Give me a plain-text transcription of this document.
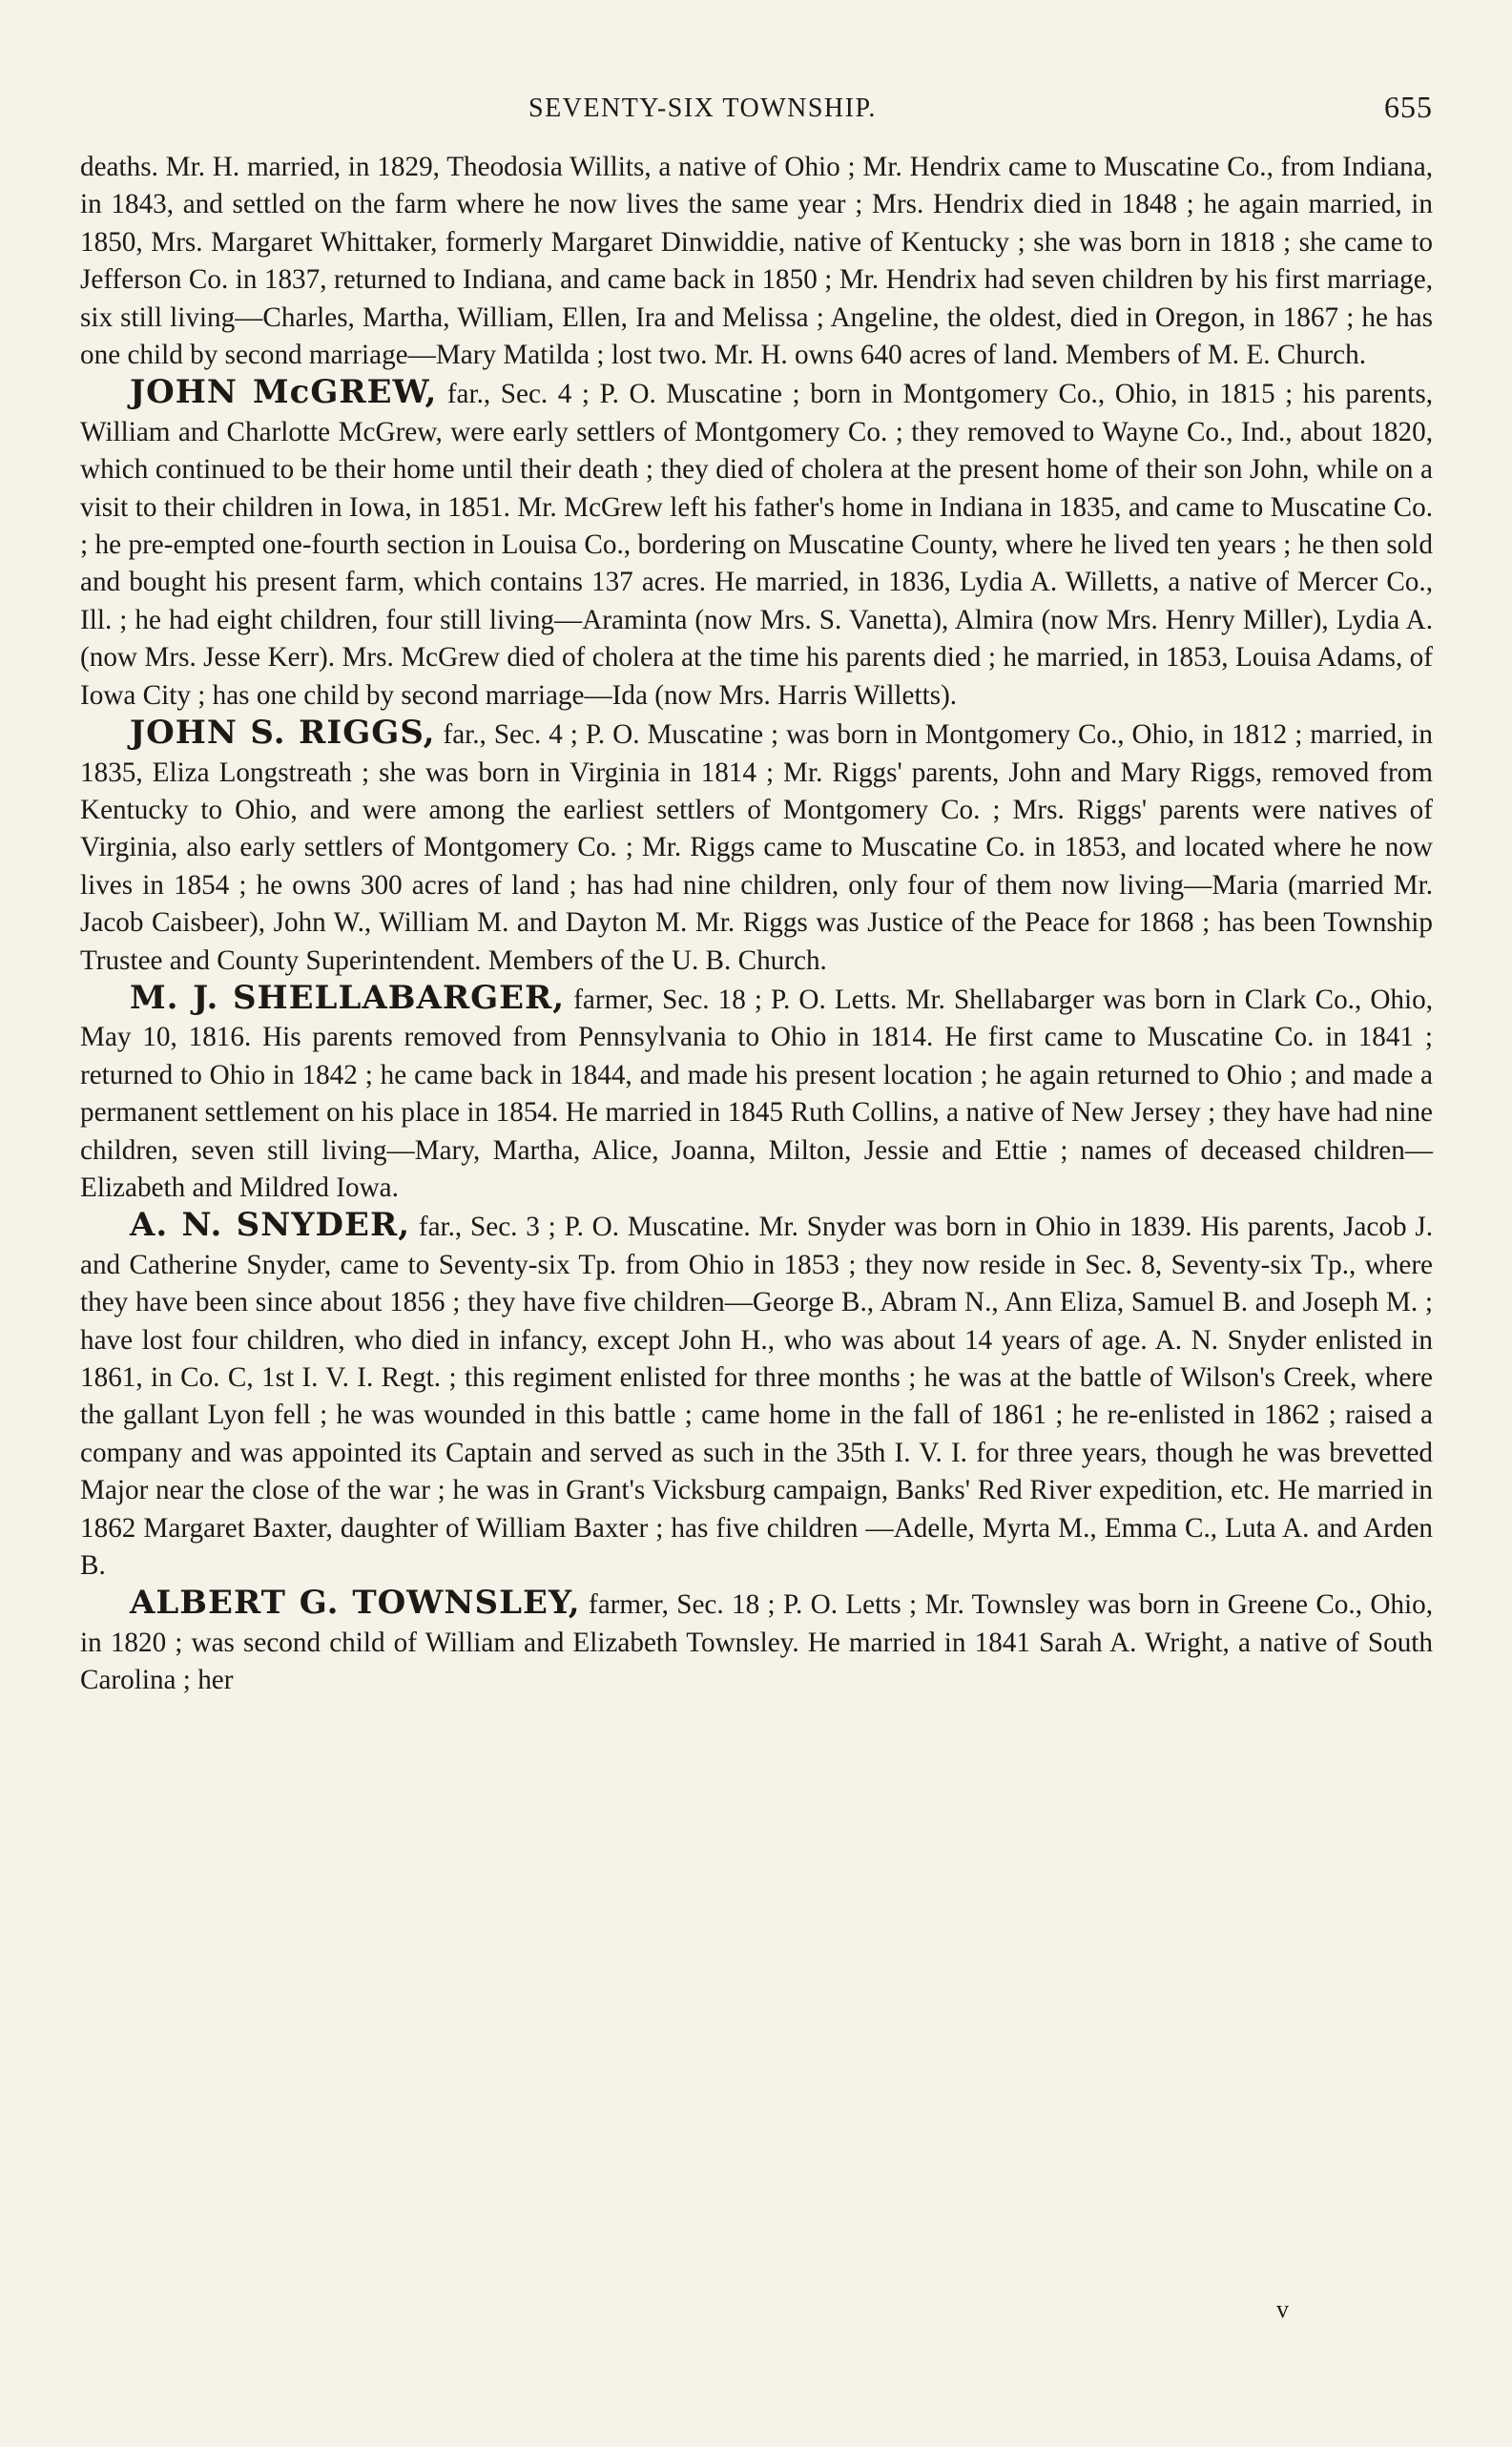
SEVENTY-SIX TOWNSHIP.	655

deaths. Mr. H. married, in 1829, Theodosia Willits, a native of Ohio ; Mr. Hendrix came to Muscatine Co., from Indiana, in 1843, and settled on the farm where he now lives the same year ; Mrs. Hendrix died in 1848 ; he again married, in 1850, Mrs. Margaret Whittaker, formerly Margaret Dinwiddie, native of Kentucky ; she was born in 1818 ; she came to Jefferson Co. in 1837, returned to Indiana, and came back in 1850 ; Mr. Hendrix had seven children by his first marriage, six still living—Charles, Martha, William, Ellen, Ira and Melissa ; Angeline, the oldest, died in Oregon, in 1867 ; he has one child by second marriage—Mary Matilda ; lost two. Mr. H. owns 640 acres of land. Members of M. E. Church.

JOHN McGREW, far., Sec. 4 ; P. O. Muscatine ; born in Montgomery Co., Ohio, in 1815 ; his parents, William and Charlotte McGrew, were early settlers of Montgomery Co. ; they removed to Wayne Co., Ind., about 1820, which continued to be their home until their death ; they died of cholera at the present home of their son John, while on a visit to their children in Iowa, in 1851. Mr. McGrew left his father's home in Indiana in 1835, and came to Muscatine Co. ; he pre-empted one-fourth section in Louisa Co., bordering on Muscatine County, where he lived ten years ; he then sold and bought his present farm, which contains 137 acres. He married, in 1836, Lydia A. Willetts, a native of Mercer Co., Ill. ; he had eight children, four still living—Araminta (now Mrs. S. Vanetta), Almira (now Mrs. Henry Miller), Lydia A. (now Mrs. Jesse Kerr). Mrs. McGrew died of cholera at the time his parents died ; he married, in 1853, Louisa Adams, of Iowa City ; has one child by second marriage—Ida (now Mrs. Harris Willetts).

JOHN S. RIGGS, far., Sec. 4 ; P. O. Muscatine ; was born in Montgomery Co., Ohio, in 1812 ; married, in 1835, Eliza Longstreath ; she was born in Virginia in 1814 ; Mr. Riggs' parents, John and Mary Riggs, removed from Kentucky to Ohio, and were among the earliest settlers of Montgomery Co. ; Mrs. Riggs' parents were natives of Virginia, also early settlers of Montgomery Co. ; Mr. Riggs came to Muscatine Co. in 1853, and located where he now lives in 1854 ; he owns 300 acres of land ; has had nine children, only four of them now living—Maria (married Mr. Jacob Caisbeer), John W., William M. and Dayton M. Mr. Riggs was Justice of the Peace for 1868 ; has been Township Trustee and County Superintendent. Members of the U. B. Church.

M. J. SHELLABARGER, farmer, Sec. 18 ; P. O. Letts. Mr. Shellabarger was born in Clark Co., Ohio, May 10, 1816. His parents removed from Pennsylvania to Ohio in 1814. He first came to Muscatine Co. in 1841 ; returned to Ohio in 1842 ; he came back in 1844, and made his present location ; he again returned to Ohio ; and made a permanent settlement on his place in 1854. He married in 1845 Ruth Collins, a native of New Jersey ; they have had nine children, seven still living—Mary, Martha, Alice, Joanna, Milton, Jessie and Ettie ; names of deceased children—Elizabeth and Mildred Iowa.

A. N. SNYDER, far., Sec. 3 ; P. O. Muscatine. Mr. Snyder was born in Ohio in 1839. His parents, Jacob J. and Catherine Snyder, came to Seventy-six Tp. from Ohio in 1853 ; they now reside in Sec. 8, Seventy-six Tp., where they have been since about 1856 ; they have five children—George B., Abram N., Ann Eliza, Samuel B. and Joseph M. ; have lost four children, who died in infancy, except John H., who was about 14 years of age. A. N. Snyder enlisted in 1861, in Co. C, 1st I. V. I. Regt. ; this regiment enlisted for three months ; he was at the battle of Wilson's Creek, where the gallant Lyon fell ; he was wounded in this battle ; came home in the fall of 1861 ; he re-enlisted in 1862 ; raised a company and was appointed its Captain and served as such in the 35th I. V. I. for three years, though he was brevetted Major near the close of the war ; he was in Grant's Vicksburg campaign, Banks' Red River expedition, etc. He married in 1862 Margaret Baxter, daughter of William Baxter ; has five children —Adelle, Myrta M., Emma C., Luta A. and Arden B.

ALBERT G. TOWNSLEY, farmer, Sec. 18 ; P. O. Letts ; Mr. Townsley was born in Greene Co., Ohio, in 1820 ; was second child of William and Elizabeth Townsley. He married in 1841 Sarah A. Wright, a native of South Carolina ; her

v
